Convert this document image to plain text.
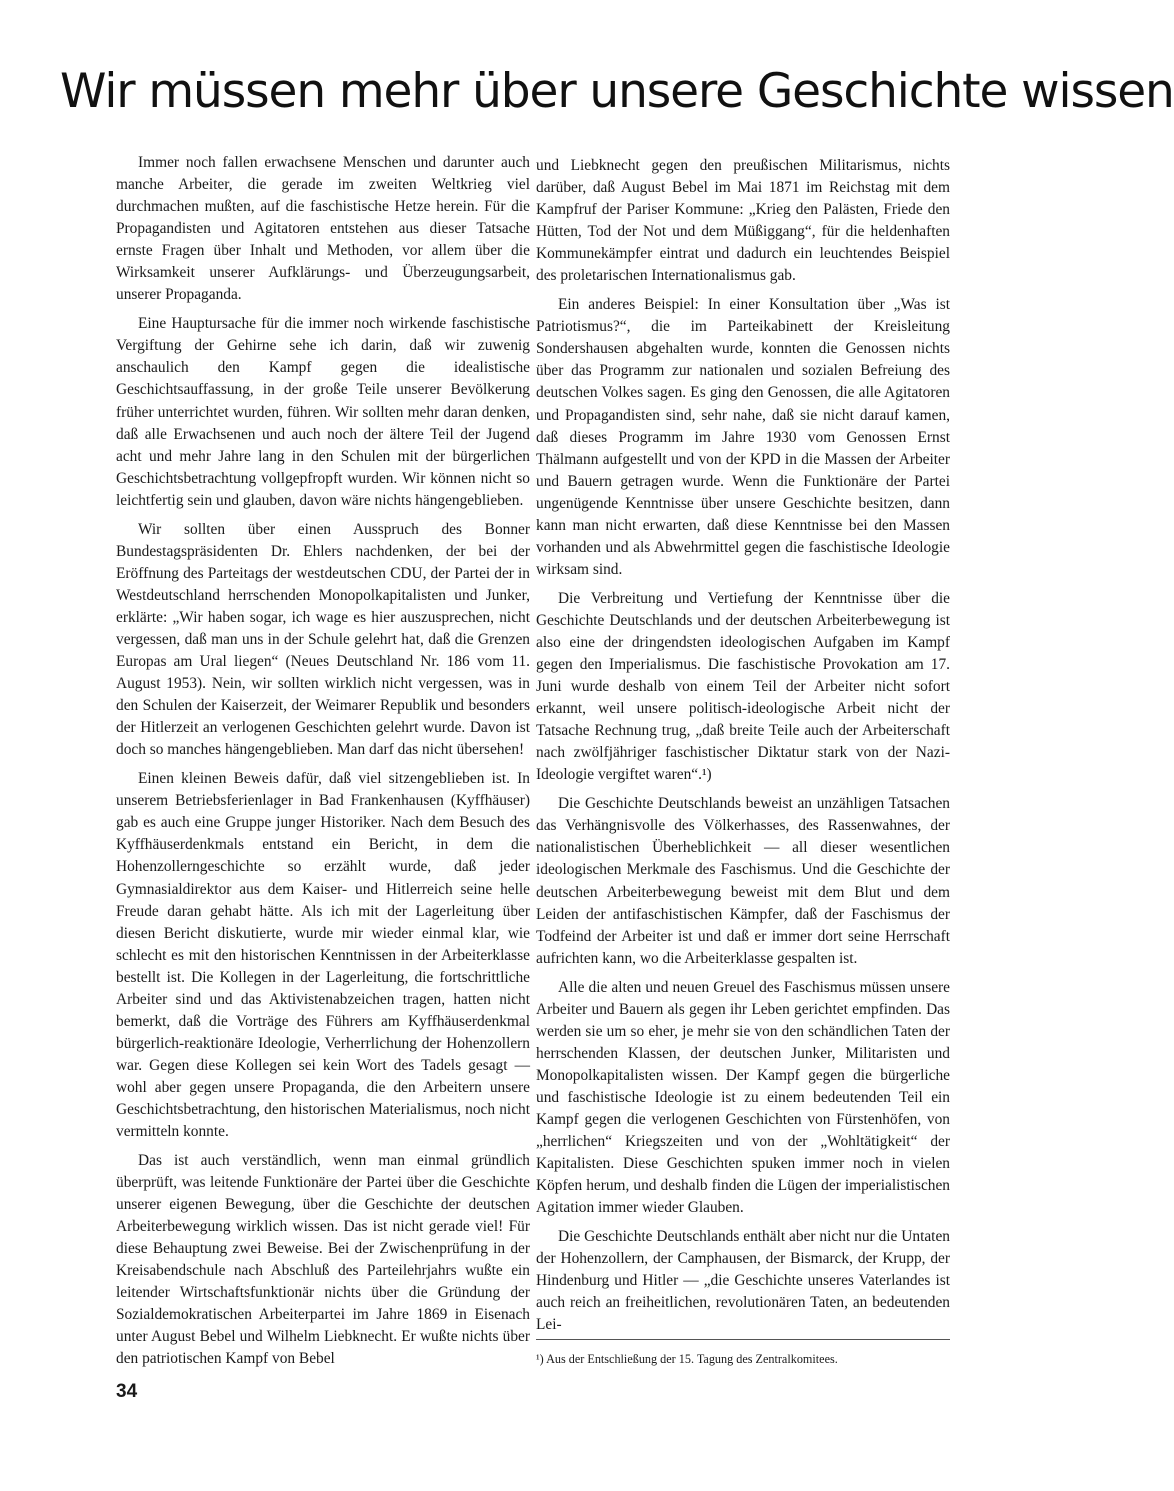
Wir müssen mehr über unsere Geschichte wissen

Immer noch fallen erwachsene Menschen und darunter auch manche Arbeiter, die gerade im zweiten Weltkrieg viel durchmachen mußten, auf die faschistische Hetze herein. Für die Propagandisten und Agitatoren entstehen aus dieser Tatsache ernste Fragen über Inhalt und Methoden, vor allem über die Wirksamkeit unserer Aufklärungs- und Überzeugungsarbeit, unserer Propaganda.

Eine Hauptursache für die immer noch wirkende faschistische Vergiftung der Gehirne sehe ich darin, daß wir zuwenig anschaulich den Kampf gegen die idealistische Geschichtsauffassung, in der große Teile unserer Bevölkerung früher unterrichtet wurden, führen. Wir sollten mehr daran denken, daß alle Erwachsenen und auch noch der ältere Teil der Jugend acht und mehr Jahre lang in den Schulen mit der bürgerlichen Geschichtsbetrachtung vollgepfropft wurden. Wir können nicht so leichtfertig sein und glauben, davon wäre nichts hängengeblieben.

Wir sollten über einen Ausspruch des Bonner Bundestagspräsidenten Dr. Ehlers nachdenken, der bei der Eröffnung des Parteitags der westdeutschen CDU, der Partei der in Westdeutschland herrschenden Monopolkapitalisten und Junker, erklärte: „Wir haben sogar, ich wage es hier auszusprechen, nicht vergessen, daß man uns in der Schule gelehrt hat, daß die Grenzen Europas am Ural liegen“ (Neues Deutschland Nr. 186 vom 11. August 1953). Nein, wir sollten wirklich nicht vergessen, was in den Schulen der Kaiserzeit, der Weimarer Republik und besonders der Hitlerzeit an verlogenen Geschichten gelehrt wurde. Davon ist doch so manches hängengeblieben. Man darf das nicht übersehen!

Einen kleinen Beweis dafür, daß viel sitzengeblieben ist. In unserem Betriebsferienlager in Bad Frankenhausen (Kyffhäuser) gab es auch eine Gruppe junger Historiker. Nach dem Besuch des Kyffhäuserdenkmals entstand ein Bericht, in dem die Hohenzollerngeschichte so erzählt wurde, daß jeder Gymnasialdirektor aus dem Kaiser- und Hitlerreich seine helle Freude daran gehabt hätte. Als ich mit der Lagerleitung über diesen Bericht diskutierte, wurde mir wieder einmal klar, wie schlecht es mit den historischen Kenntnissen in der Arbeiterklasse bestellt ist. Die Kollegen in der Lagerleitung, die fortschrittliche Arbeiter sind und das Aktivistenabzeichen tragen, hatten nicht bemerkt, daß die Vorträge des Führers am Kyffhäuserdenkmal bürgerlich-reaktionäre Ideologie, Verherrlichung der Hohenzollern war. Gegen diese Kollegen sei kein Wort des Tadels gesagt — wohl aber gegen unsere Propaganda, die den Arbeitern unsere Geschichtsbetrachtung, den historischen Materialismus, noch nicht vermitteln konnte.

Das ist auch verständlich, wenn man einmal gründlich überprüft, was leitende Funktionäre der Partei über die Geschichte unserer eigenen Bewegung, über die Geschichte der deutschen Arbeiterbewegung wirklich wissen. Das ist nicht gerade viel! Für diese Behauptung zwei Beweise. Bei der Zwischenprüfung in der Kreisabendschule nach Abschluß des Parteilehrjahrs wußte ein leitender Wirtschaftsfunktionär nichts über die Gründung der Sozialdemokratischen Arbeiterpartei im Jahre 1869 in Eisenach unter August Bebel und Wilhelm Liebknecht. Er wußte nichts über den patriotischen Kampf von Bebel

und Liebknecht gegen den preußischen Militarismus, nichts darüber, daß August Bebel im Mai 1871 im Reichstag mit dem Kampfruf der Pariser Kommune: „Krieg den Palästen, Friede den Hütten, Tod der Not und dem Müßiggang“, für die heldenhaften Kommunekämpfer eintrat und dadurch ein leuchtendes Beispiel des proletarischen Internationalismus gab.

Ein anderes Beispiel: In einer Konsultation über „Was ist Patriotismus?“, die im Parteikabinett der Kreisleitung Sondershausen abgehalten wurde, konnten die Genossen nichts über das Programm zur nationalen und sozialen Befreiung des deutschen Volkes sagen. Es ging den Genossen, die alle Agitatoren und Propagandisten sind, sehr nahe, daß sie nicht darauf kamen, daß dieses Programm im Jahre 1930 vom Genossen Ernst Thälmann aufgestellt und von der KPD in die Massen der Arbeiter und Bauern getragen wurde. Wenn die Funktionäre der Partei ungenügende Kenntnisse über unsere Geschichte besitzen, dann kann man nicht erwarten, daß diese Kenntnisse bei den Massen vorhanden und als Abwehrmittel gegen die faschistische Ideologie wirksam sind.

Die Verbreitung und Vertiefung der Kenntnisse über die Geschichte Deutschlands und der deutschen Arbeiterbewegung ist also eine der dringendsten ideologischen Aufgaben im Kampf gegen den Imperialismus. Die faschistische Provokation am 17. Juni wurde deshalb von einem Teil der Arbeiter nicht sofort erkannt, weil unsere politisch-ideologische Arbeit nicht der Tatsache Rechnung trug, „daß breite Teile auch der Arbeiterschaft nach zwölfjähriger faschistischer Diktatur stark von der Nazi-Ideologie vergiftet waren“.¹)

Die Geschichte Deutschlands beweist an unzähligen Tatsachen das Verhängnisvolle des Völkerhasses, des Rassenwahnes, der nationalistischen Überheblichkeit — all dieser wesentlichen ideologischen Merkmale des Faschismus. Und die Geschichte der deutschen Arbeiterbewegung beweist mit dem Blut und dem Leiden der antifaschistischen Kämpfer, daß der Faschismus der Todfeind der Arbeiter ist und daß er immer dort seine Herrschaft aufrichten kann, wo die Arbeiterklasse gespalten ist.

Alle die alten und neuen Greuel des Faschismus müssen unsere Arbeiter und Bauern als gegen ihr Leben gerichtet empfinden. Das werden sie um so eher, je mehr sie von den schändlichen Taten der herrschenden Klassen, der deutschen Junker, Militaristen und Monopolkapitalisten wissen. Der Kampf gegen die bürgerliche und faschistische Ideologie ist zu einem bedeutenden Teil ein Kampf gegen die verlogenen Geschichten von Fürstenhöfen, von „herrlichen“ Kriegszeiten und von der „Wohltätigkeit“ der Kapitalisten. Diese Geschichten spuken immer noch in vielen Köpfen herum, und deshalb finden die Lügen der imperialistischen Agitation immer wieder Glauben.

Die Geschichte Deutschlands enthält aber nicht nur die Untaten der Hohenzollern, der Camphausen, der Bismarck, der Krupp, der Hindenburg und Hitler — „die Geschichte unseres Vaterlandes ist auch reich an freiheitlichen, revolutionären Taten, an bedeutenden Lei-

¹) Aus der Entschließung der 15. Tagung des Zentralkomitees.

34
